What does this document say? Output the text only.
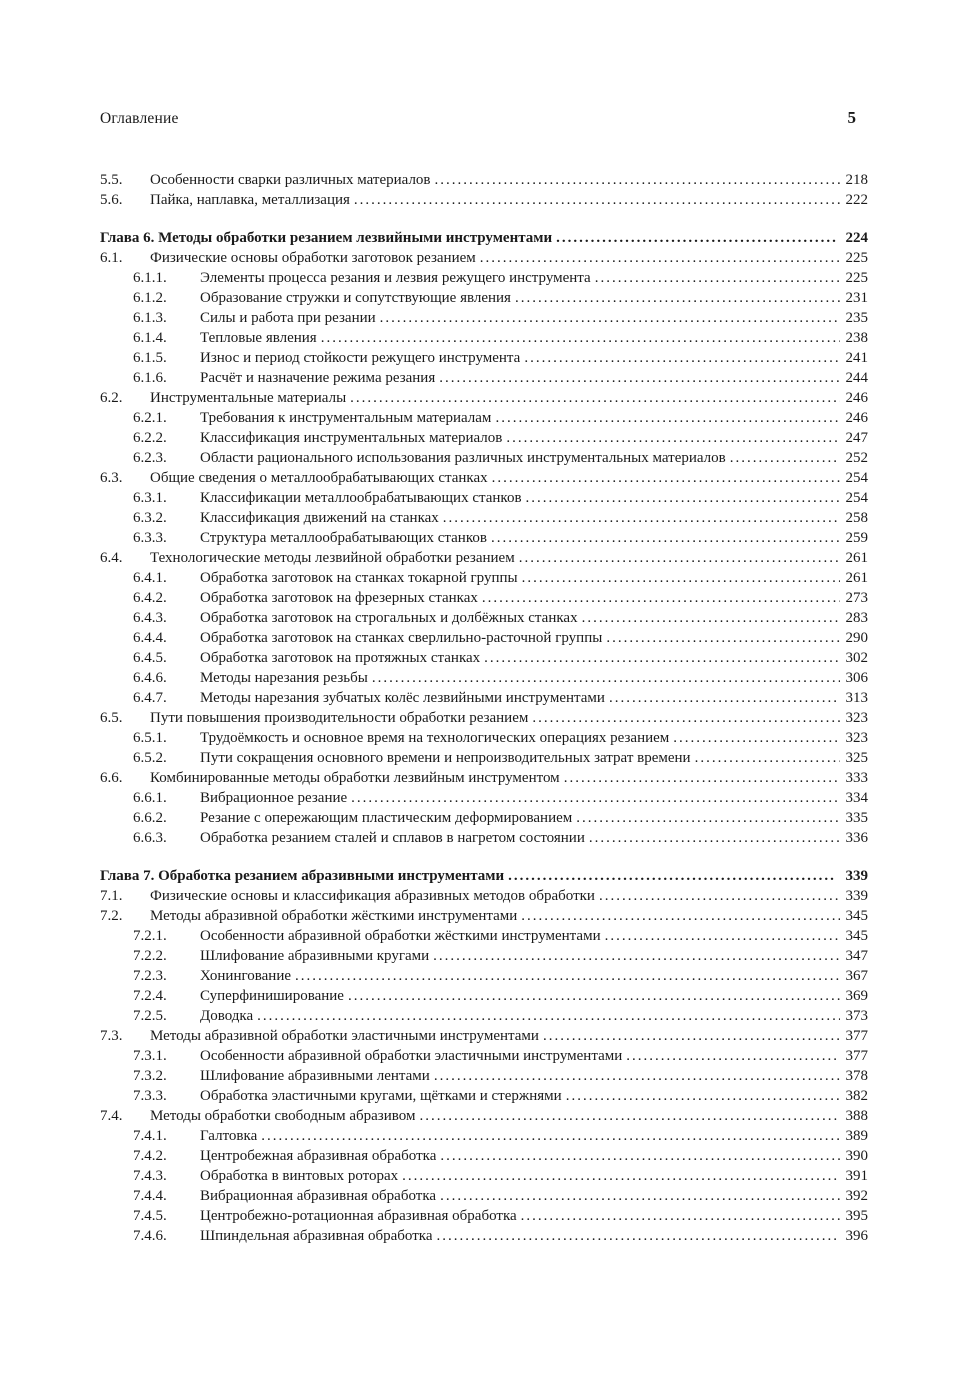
Оглавление	5
5.5.	Особенности сварки различных материалов .....	218
5.6.	Пайка, наплавка, металлизация .....	222
Глава 6. Методы обработки резанием лезвийными инструментами .....	224
6.1.	Физические основы обработки заготовок резанием .....	225
6.1.1.	Элементы процесса резания и лезвия режущего инструмента .....	225
6.1.2.	Образование стружки и сопутствующие явления .....	231
6.1.3.	Силы и работа при резании .....	235
6.1.4.	Тепловые явления .....	238
6.1.5.	Износ и период стойкости режущего инструмента .....	241
6.1.6.	Расчёт и назначение режима резания .....	244
6.2.	Инструментальные материалы .....	246
6.2.1.	Требования к инструментальным материалам .....	246
6.2.2.	Классификация инструментальных материалов .....	247
6.2.3.	Области рационального использования различных инструментальных материалов .....	252
6.3.	Общие сведения о металлообрабатывающих станках .....	254
6.3.1.	Классификации металлообрабатывающих станков .....	254
6.3.2.	Классификация движений на станках .....	258
6.3.3.	Структура металлообрабатывающих станков .....	259
6.4.	Технологические методы лезвийной обработки резанием .....	261
6.4.1.	Обработка заготовок на станках токарной группы .....	261
6.4.2.	Обработка заготовок на фрезерных станках .....	273
6.4.3.	Обработка заготовок на строгальных и долбёжных станках .....	283
6.4.4.	Обработка заготовок на станках сверлильно-расточной группы .....	290
6.4.5.	Обработка заготовок на протяжных станках .....	302
6.4.6.	Методы нарезания резьбы .....	306
6.4.7.	Методы нарезания зубчатых колёс лезвийными инструментами .....	313
6.5.	Пути повышения производительности обработки резанием .....	323
6.5.1.	Трудоёмкость и основное время на технологических операциях резанием .....	323
6.5.2.	Пути сокращения основного времени и непроизводительных затрат времени .....	325
6.6.	Комбинированные методы обработки лезвийным инструментом .....	333
6.6.1.	Вибрационное резание .....	334
6.6.2.	Резание с опережающим пластическим деформированием .....	335
6.6.3.	Обработка резанием сталей и сплавов в нагретом состоянии .....	336
Глава 7. Обработка резанием абразивными инструментами .....	339
7.1.	Физические основы и классификация абразивных методов обработки .....	339
7.2.	Методы абразивной обработки жёсткими инструментами .....	345
7.2.1.	Особенности абразивной обработки жёсткими инструментами .....	345
7.2.2.	Шлифование абразивными кругами .....	347
7.2.3.	Хонингование .....	367
7.2.4.	Суперфиниширование .....	369
7.2.5.	Доводка .....	373
7.3.	Методы абразивной обработки эластичными инструментами .....	377
7.3.1.	Особенности абразивной обработки эластичными инструментами .....	377
7.3.2.	Шлифование абразивными лентами .....	378
7.3.3.	Обработка эластичными кругами, щётками и стержнями .....	382
7.4.	Методы обработки свободным абразивом .....	388
7.4.1.	Галтовка .....	389
7.4.2.	Центробежная абразивная обработка .....	390
7.4.3.	Обработка в винтовых роторах .....	391
7.4.4.	Вибрационная абразивная обработка .....	392
7.4.5.	Центробежно-ротационная абразивная обработка .....	395
7.4.6.	Шпиндельная абразивная обработка .....	396
